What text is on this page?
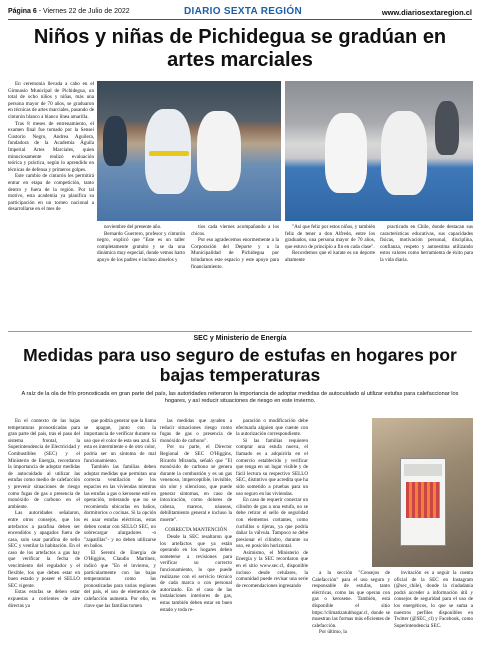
Página 6 - Viernes 22 de Julio de 2022	DIARIO SEXTA REGIÓN	www.diariosextaregion.cl
Niños y niñas de Pichidegua se gradúan en artes marciales

En ceremonia llevada a cabo en el Gimnasio Municipal de Pichidegua, un total de ocho niños y niñas, más una persona mayor de 70 años, se graduaron en técnicas de artes marciales, pasando de cinturón blanco a blanco línea amarilla.

Tras 8 meses de entrenamiento, el examen final fue tomado por la Sensei Custorio Negro, Andrea Aguilera, fundadora de la Academia Águila Imperial Artes Marciales, quien minuciosamente realizó evaluación teórica y práctica, según lo aprendido en técnicas de defensa y primeros golpes.

Este cambio de cinturón les permitirá entrar en etapa de competición, tanto dentro y fuera de la región. Por tal motivo, esta academia ya planifica su participación en un torneo nacional a desarrollarse en el mes de

noviembre del presente año.

Bernardo Guerrero, profesor y cinturón negro, explicó que "Este es un taller completamente gratuito y se da una dinámica muy especial, donde vemos harto apoyo de los padres e incluso abuelos y

tíos cada viernes acompañando a los chicos.

Por eso agradecemos enormemente a la Corporación del Deporte y a la Municipalidad de Pichidegua por brindarnos este espacio y este apoyo para financiamiento.

"Así que feliz por estos niños, y también feliz de tener a don Alfredo, entre los graduados, una persona mayor de 70 años, que estuvo de principio a fin en cada clase".

Recordemos que el karate es un deporte altamente

practicado en Chile, donde destacan sus características educativas, sus capacidades físicas, motivación personal, disciplina, confianza, respeto y autoestima utilizando estos valores como herramienta de éxito para la vida diaria.

SEC y Ministerio de Energía
Medidas para uso seguro de estufas en hogares por bajas temperaturas
A raíz de la ola de frío pronosticada en gran parte del país, las autoridades reiteraron la importancia de adoptar medidas de autocuidado al utilizar estufas para calefaccionar los hogares, y así reducir situaciones de riesgo en este invierno.

En el contexto de las bajas temperaturas pronosticadas para gran parte del país, tras el paso del sistema frontal, la Superintendencia de Electricidad y Combustibles (SEC) y el Ministerio de Energía, recordaron la importancia de adoptar medidas de autocuidado al utilizar las estufas como medio de calefacción y prevenir situaciones de riesgo como fugas de gas o presencia de monóxido de carbono en el ambiente.

Las autoridades señalaron, entre otros consejos, que los artefactos a parafina deben ser encendidos y apagados fuera de casa, solo usar parafina de sello SEC y ventilar la habitación. En el caso de los artefactos a gas hay que verificar la fecha de vencimiento del regulador y el flexible, los que deben estar en buen estado y poseer el SELLO SEC vigente.

Estas estufas se deben estar expuestas a corrientes de aire directas ya

que podría generar que la llama se apague, junto con la importancia de verificar durante su uso que el color de esta sea azul. Si esta es intermitente o de otro color, podría ser un síntoma de mal funcionamiento.

También las familias deben adoptar medidas que permitan una correcta ventilación de los espacios en las viviendas mientras las estufas a gas o kerosene esté en operación, reiterando que no se recomienda ubicarlas en baños, dormitorios o cocinas. Si la opción es usar estufas eléctricas, estas deben contar con SELLO SEC, no sobrecargar alargadores -o "zapatillas"- y no deben utilizarse en baños.

El Seremi de Energía de O'Higgins, Claudio Martínez, indicó que "En el invierno, y particularmente con las bajas temperaturas como las pronosticadas para varias regiones del país, el uso de elementos de calefacción aumenta. Por ello, es clave que las familias tomen

las medidas que ayuden a reducir situaciones riesgo como fugas de gas o presencia de monóxido de carbono".

Por su parte, el Director Regional de SEC O'Higgins, Ricardo Miranda, señaló que "El monóxido de carbono se genera durante la combustión y es un gas venenoso, imperceptible, invisible, sin olor y silencioso, que puede generar síntomas, en caso de intoxicación, como dolores de cabeza, mareos, náuseas, debilitamiento general e incluso la muerte".

CORRECTA MANTENCIÓN

Desde la SEC resaltaron que los artefactos que ya están operando en los hogares deben someterse a revisiones para verificar su correcto funcionamiento, lo que puede realizarse con el servicio técnico de cada marca o con personal autorizado. En el caso de las instalaciones interiores de gas, estas también deben estar en buen estado y toda re-

paración o modificación debe efectuarla alguien que cuente con la autorización correspondiente.

Si las familias requieren comprar una estufa nueva, el llamado es a adquirirla en el comercio establecido y verificar que tenga en un lugar visible y de fácil lectura su respectivo SELLO SEC, distintivo que acredita que ha sido sometido a pruebas para un uso seguro en las viviendas.

En caso de requerir conectar un cilindro de gas a una estufa, no se debe retirar el sello de seguridad con elementos cortantes, como cuchillos o tijeras, ya que podría dañar la válvula. Tampoco se debe presionar el cilindro, durante su uso, en posición horizontal.

Asimismo, el Ministerio de Energía y la SEC recordaron que en el sitio www.sec.cl, disponible incluso desde celulares, la comunidad puede revisar una serie de recomendaciones ingresando

a la sección "Consejos de Calefacción" para el uso seguro y responsable de estufas, tanto eléctricas, como las que operan con gas o kerosene. También, está disponible el sitio https://climatizatubhogar.cl, donde se muestran las formas más eficientes de calefacción.

Por último, la

invitación es a seguir la cuenta oficial de la SEC en Instagram (@sec_chile), donde la ciudadanía podrá acceder a información útil y consejos de seguridad para el uso de los energéticos, lo que se suma a nuestros perfiles disponibles en Twitter (@SEC_cl) y Facebook, como Superintendencia SEC.
